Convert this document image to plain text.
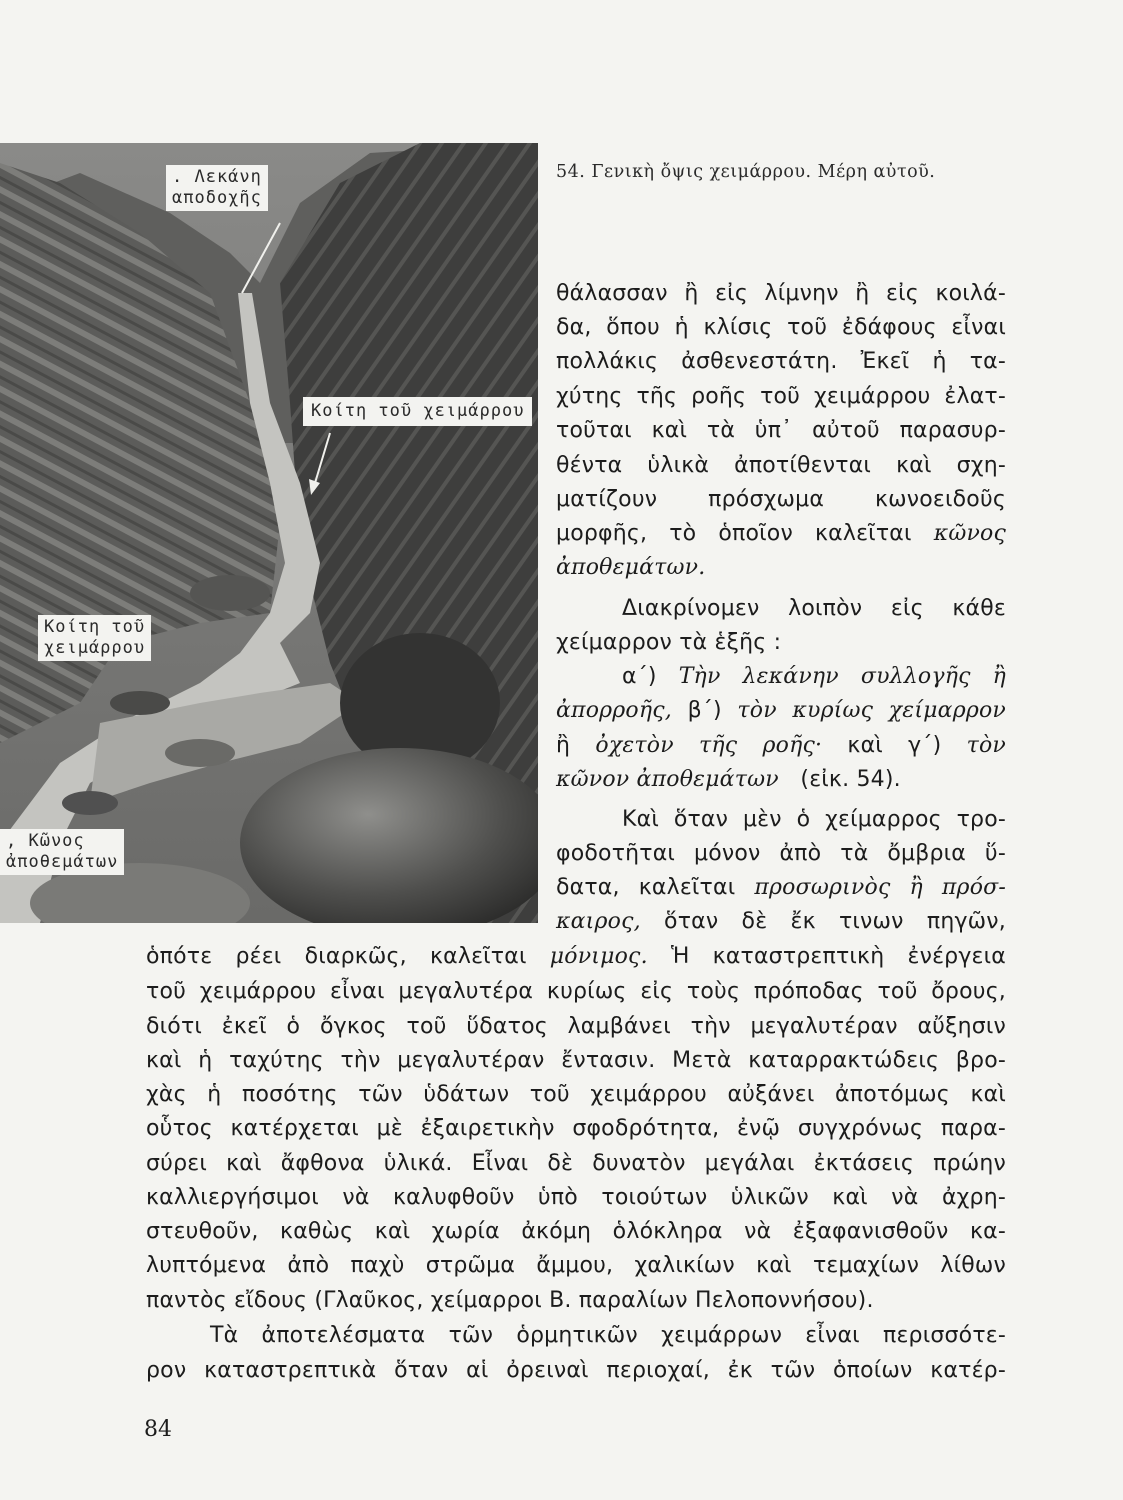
. Λεκάνη
αποδοχῆς
Κοίτη τοῦ χειμάρρου
Κοίτη τοῦ
χειμάρρου
, Κῶνος
ἀποθεμάτων
54. Γενικὴ ὄψις χειμάρρου. Μέρη αὐτοῦ.
θάλασσαν ἢ εἰς λίμνην ἢ εἰς κοιλά-
δα, ὅπου ἡ κλίσις τοῦ ἐδάφους εἶναι
πολλάκις ἀσθενεστάτη. Ἐκεῖ ἡ τα-
χύτης τῆς ροῆς τοῦ χειμάρρου ἐλατ-
τοῦται καὶ τὰ ὑπ᾽ αὐτοῦ παρασυρ-
θέντα ὑλικὰ ἀποτίθενται καὶ σχη-
ματίζουν πρόσχωμα κωνοειδοῦς
μορφῆς, τὸ ὁποῖον καλεῖται κῶνος
ἀποθεμάτων.
Διακρίνομεν λοιπὸν εἰς κάθε
χείμαρρον τὰ ἑξῆς :
α΄) Τὴν λεκάνην συλλογῆς ἢ
ἀπορροῆς, β΄) τὸν κυρίως χείμαρρον
ἢ ὀχετὸν τῆς ροῆς· καὶ γ΄) τὸν
κῶνον ἀποθεμάτων (εἰκ. 54).
Καὶ ὅταν μὲν ὁ χείμαρρος τρο-
φοδοτῆται μόνον ἀπὸ τὰ ὄμβρια ὕ-
δατα, καλεῖται προσωρινὸς ἢ πρόσ-
καιρος, ὅταν δὲ ἔκ τινων πηγῶν,
ὁπότε ρέει διαρκῶς, καλεῖται μόνιμος. Ἡ καταστρεπτικὴ ἐνέργεια
τοῦ χειμάρρου εἶναι μεγαλυτέρα κυρίως εἰς τοὺς πρόποδας τοῦ ὄρους,
διότι ἐκεῖ ὁ ὄγκος τοῦ ὕδατος λαμβάνει τὴν μεγαλυτέραν αὔξησιν
καὶ ἡ ταχύτης τὴν μεγαλυτέραν ἔντασιν. Μετὰ καταρρακτώδεις βρο-
χὰς ἡ ποσότης τῶν ὑδάτων τοῦ χειμάρρου αὐξάνει ἀποτόμως καὶ
οὗτος κατέρχεται μὲ ἐξαιρετικὴν σφοδρότητα, ἐνῷ συγχρόνως παρα-
σύρει καὶ ἄφθονα ὑλικά. Εἶναι δὲ δυνατὸν μεγάλαι ἐκτάσεις πρώην
καλλιεργήσιμοι νὰ καλυφθοῦν ὑπὸ τοιούτων ὑλικῶν καὶ νὰ ἀχρη-
στευθοῦν, καθὼς καὶ χωρία ἀκόμη ὁλόκληρα νὰ ἐξαφανισθοῦν κα-
λυπτόμενα ἀπὸ παχὺ στρῶμα ἄμμου, χαλικίων καὶ τεμαχίων λίθων
παντὸς εἴδους (Γλαῦκος, χείμαρροι Β. παραλίων Πελοποννήσου).
Τὰ ἀποτελέσματα τῶν ὁρμητικῶν χειμάρρων εἶναι περισσότε-
ρον καταστρεπτικὰ ὅταν αἱ ὀρειναὶ περιοχαί, ἐκ τῶν ὁποίων κατέρ-
84
